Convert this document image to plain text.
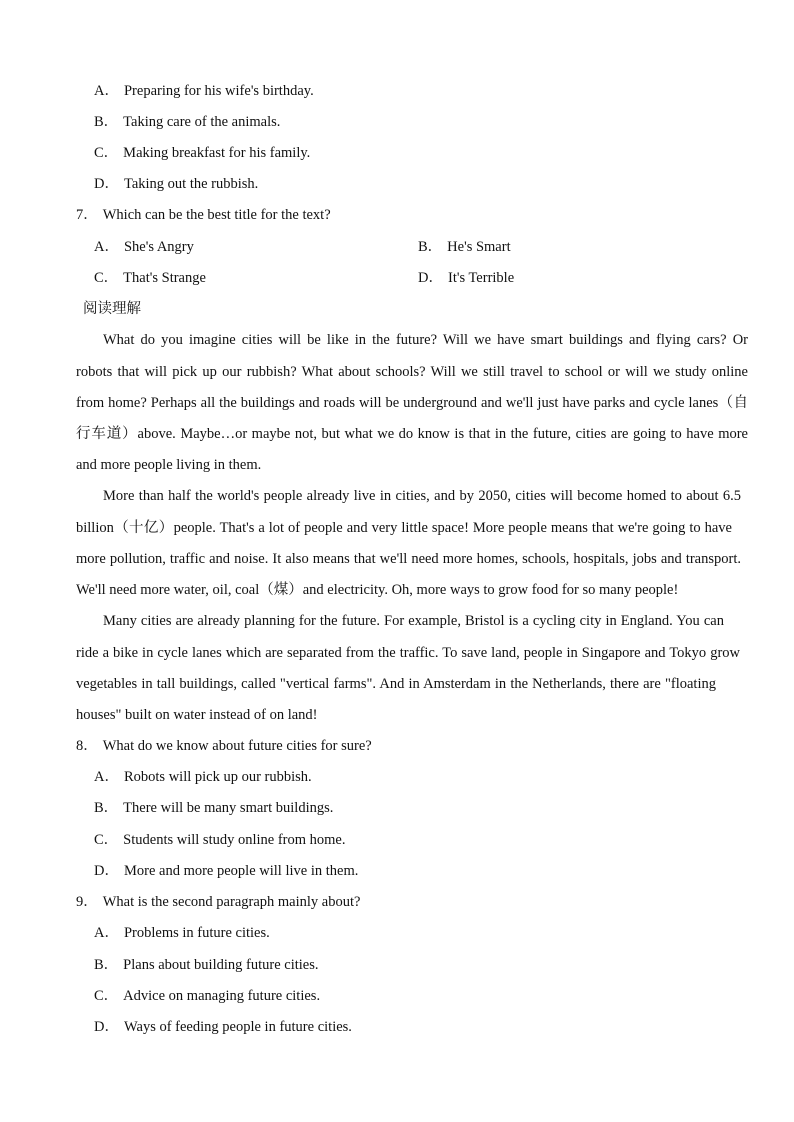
A． Preparing for his wife's birthday.
B． Taking care of the animals.
C． Making breakfast for his family.
D． Taking out the rubbish.
7． Which can be the best title for the text?
A． She's Angry	B． He's Smart
C． That's Strange	D． It's Terrible
阅读理解
What do you imagine cities will be like in the future? Will we have smart buildings and flying cars? Or
robots that will pick up our rubbish? What about schools? Will we still travel to school or will we study online
from home? Perhaps all the buildings and roads will be underground and we'll just have parks and cycle lanes（自
行车道）above. Maybe…or maybe not, but what we do know is that in the future, cities are going to have more
and more people living in them.
More than half the world's people already live in cities, and by 2050, cities will become homed to about 6.5
billion（十亿）people. That's a lot of people and very little space! More people means that we're going to have
more pollution, traffic and noise. It also means that we'll need more homes, schools, hospitals, jobs and transport.
We'll need more water, oil, coal（煤）and electricity. Oh, more ways to grow food for so many people!
Many cities are already planning for the future. For example, Bristol is a cycling city in England. You can
ride a bike in cycle lanes which are separated from the traffic. To save land, people in Singapore and Tokyo grow
vegetables in tall buildings, called "vertical farms". And in Amsterdam in the Netherlands, there are "floating
houses" built on water instead of on land!
8． What do we know about future cities for sure?
A． Robots will pick up our rubbish.
B． There will be many smart buildings.
C． Students will study online from home.
D． More and more people will live in them.
9． What is the second paragraph mainly about?
A． Problems in future cities.
B． Plans about building future cities.
C． Advice on managing future cities.
D． Ways of feeding people in future cities.
